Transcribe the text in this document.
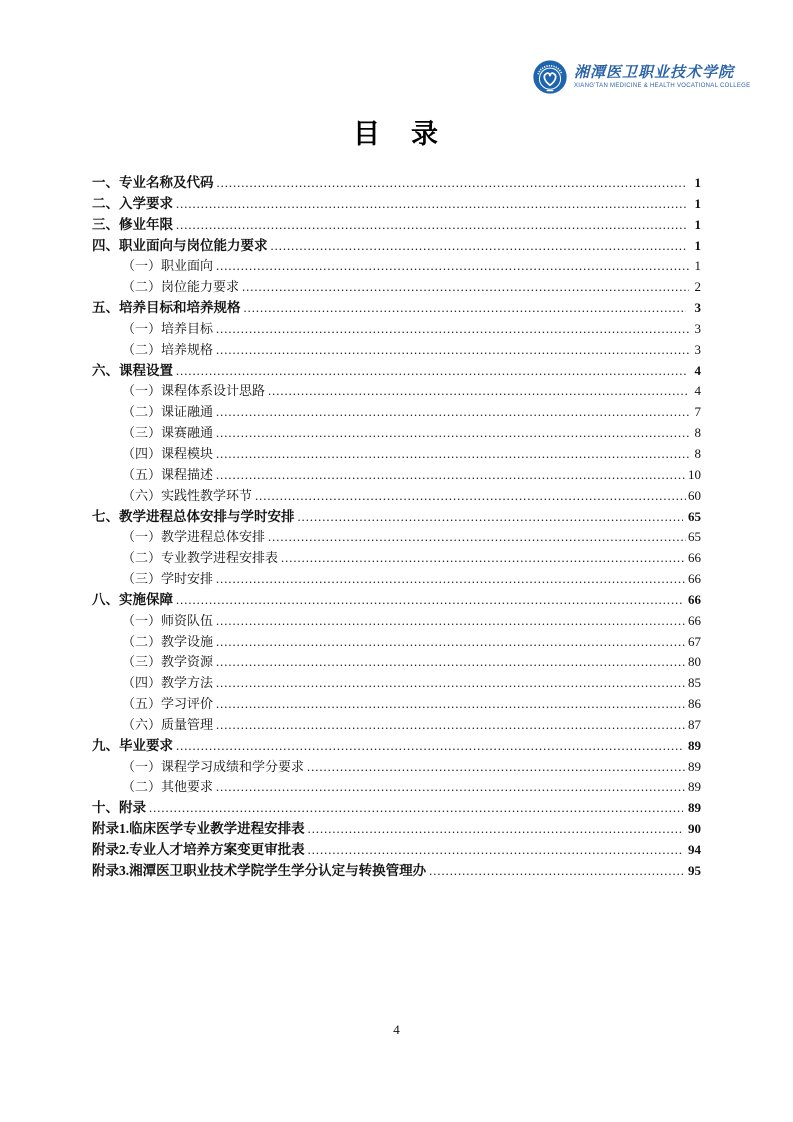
湘潭医卫职业技术学院
XIANG'TAN MEDICINE & HEALTH VOCATIONAL COLLEGE
目　录
一、专业名称及代码 .....	1
二、入学要求 .....	1
三、修业年限 .....	1
四、职业面向与岗位能力要求 .....	1
（一）职业面向 .....	1
（二）岗位能力要求 .....	2
五、培养目标和培养规格 .....	3
（一）培养目标 .....	3
（二）培养规格 .....	3
六、课程设置 .....	4
（一）课程体系设计思路 .....	4
（二）课证融通 .....	7
（三）课赛融通 .....	8
（四）课程模块 .....	8
（五）课程描述 .....	10
（六）实践性教学环节 .....	60
七、教学进程总体安排与学时安排 .....	65
（一）教学进程总体安排 .....	65
（二）专业教学进程安排表 .....	66
（三）学时安排 .....	66
八、实施保障 .....	66
（一）师资队伍 .....	66
（二）教学设施 .....	67
（三）教学资源 .....	80
（四）教学方法 .....	85
（五）学习评价 .....	86
（六）质量管理 .....	87
九、毕业要求 .....	89
（一）课程学习成绩和学分要求 .....	89
（二）其他要求 .....	89
十、附录 .....	89
附录1.临床医学专业教学进程安排表 .....	90
附录2.专业人才培养方案变更审批表 .....	94
附录3.湘潭医卫职业技术学院学生学分认定与转换管理办 .....	95
4
